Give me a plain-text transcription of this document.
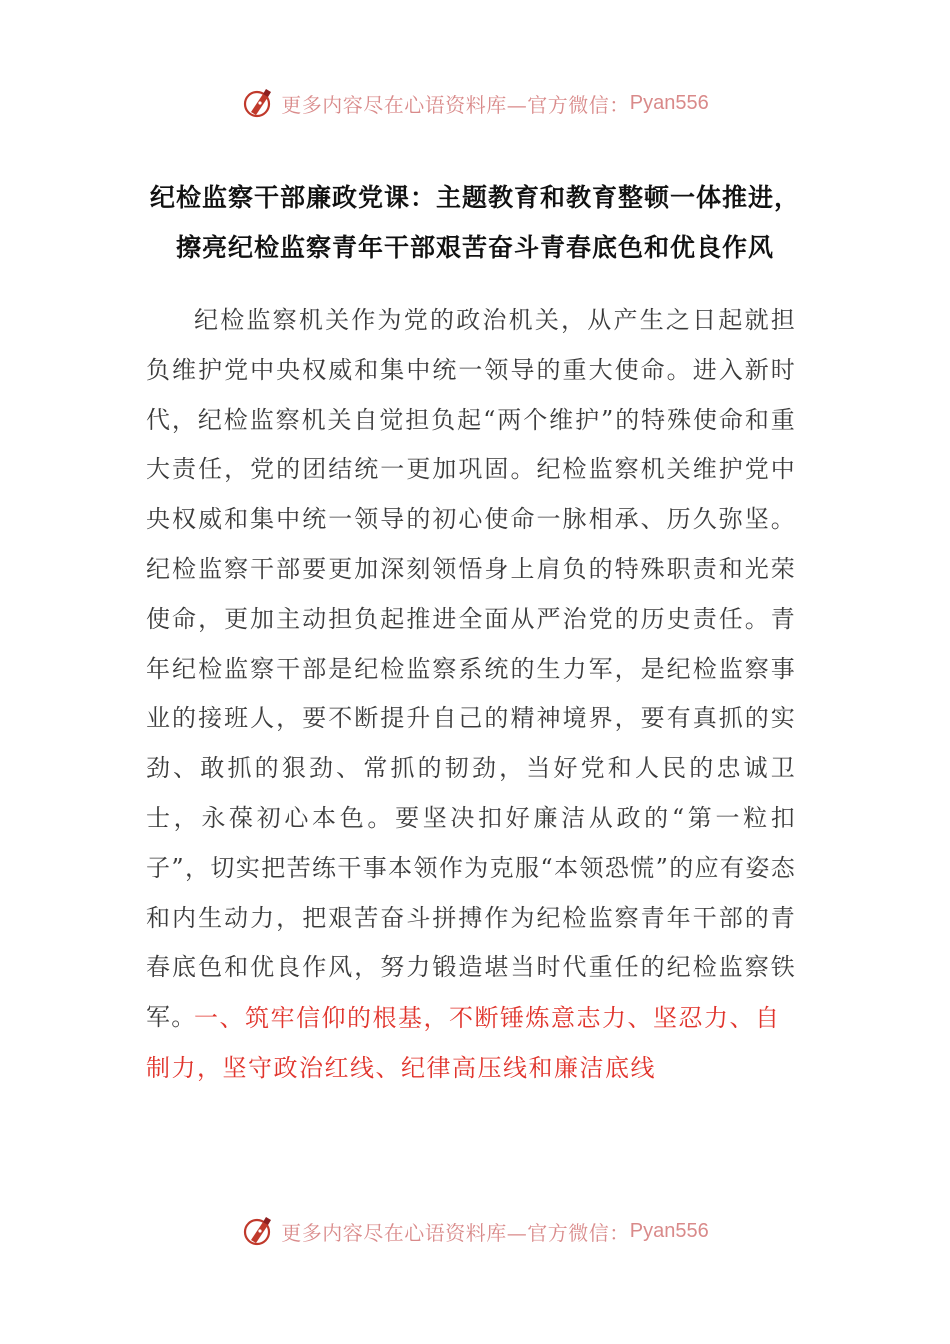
更多内容尽在心语资料库—官方微信： Pyan556
纪检监察干部廉政党课：主题教育和教育整顿一体推进，
擦亮纪检监察青年干部艰苦奋斗青春底色和优良作风

纪检监察机关作为党的政治机关，从产生之日起就担负维护党中央权威和集中统一领导的重大使命。进入新时代，纪检监察机关自觉担负起“两个维护”的特殊使命和重大责任，党的团结统一更加巩固。纪检监察机关维护党中央权威和集中统一领导的初心使命一脉相承、历久弥坚。纪检监察干部要更加深刻领悟身上肩负的特殊职责和光荣使命，更加主动担负起推进全面从严治党的历史责任。青年纪检监察干部是纪检监察系统的生力军，是纪检监察事业的接班人，要不断提升自己的精神境界，要有真抓的实劲、敢抓的狠劲、常抓的韧劲，当好党和人民的忠诚卫士，永葆初心本色。要坚决扣好廉洁从政的“第一粒扣子”，切实把苦练干事本领作为克服“本领恐慌”的应有姿态和内生动力，把艰苦奋斗拼搏作为纪检监察青年干部的青春底色和优良作风，努力锻造堪当时代重任的纪检监察铁军。

一、筑牢信仰的根基，不断锤炼意志力、坚忍力、自制力，坚守政治红线、纪律高压线和廉洁底线

更多内容尽在心语资料库—官方微信： Pyan556
